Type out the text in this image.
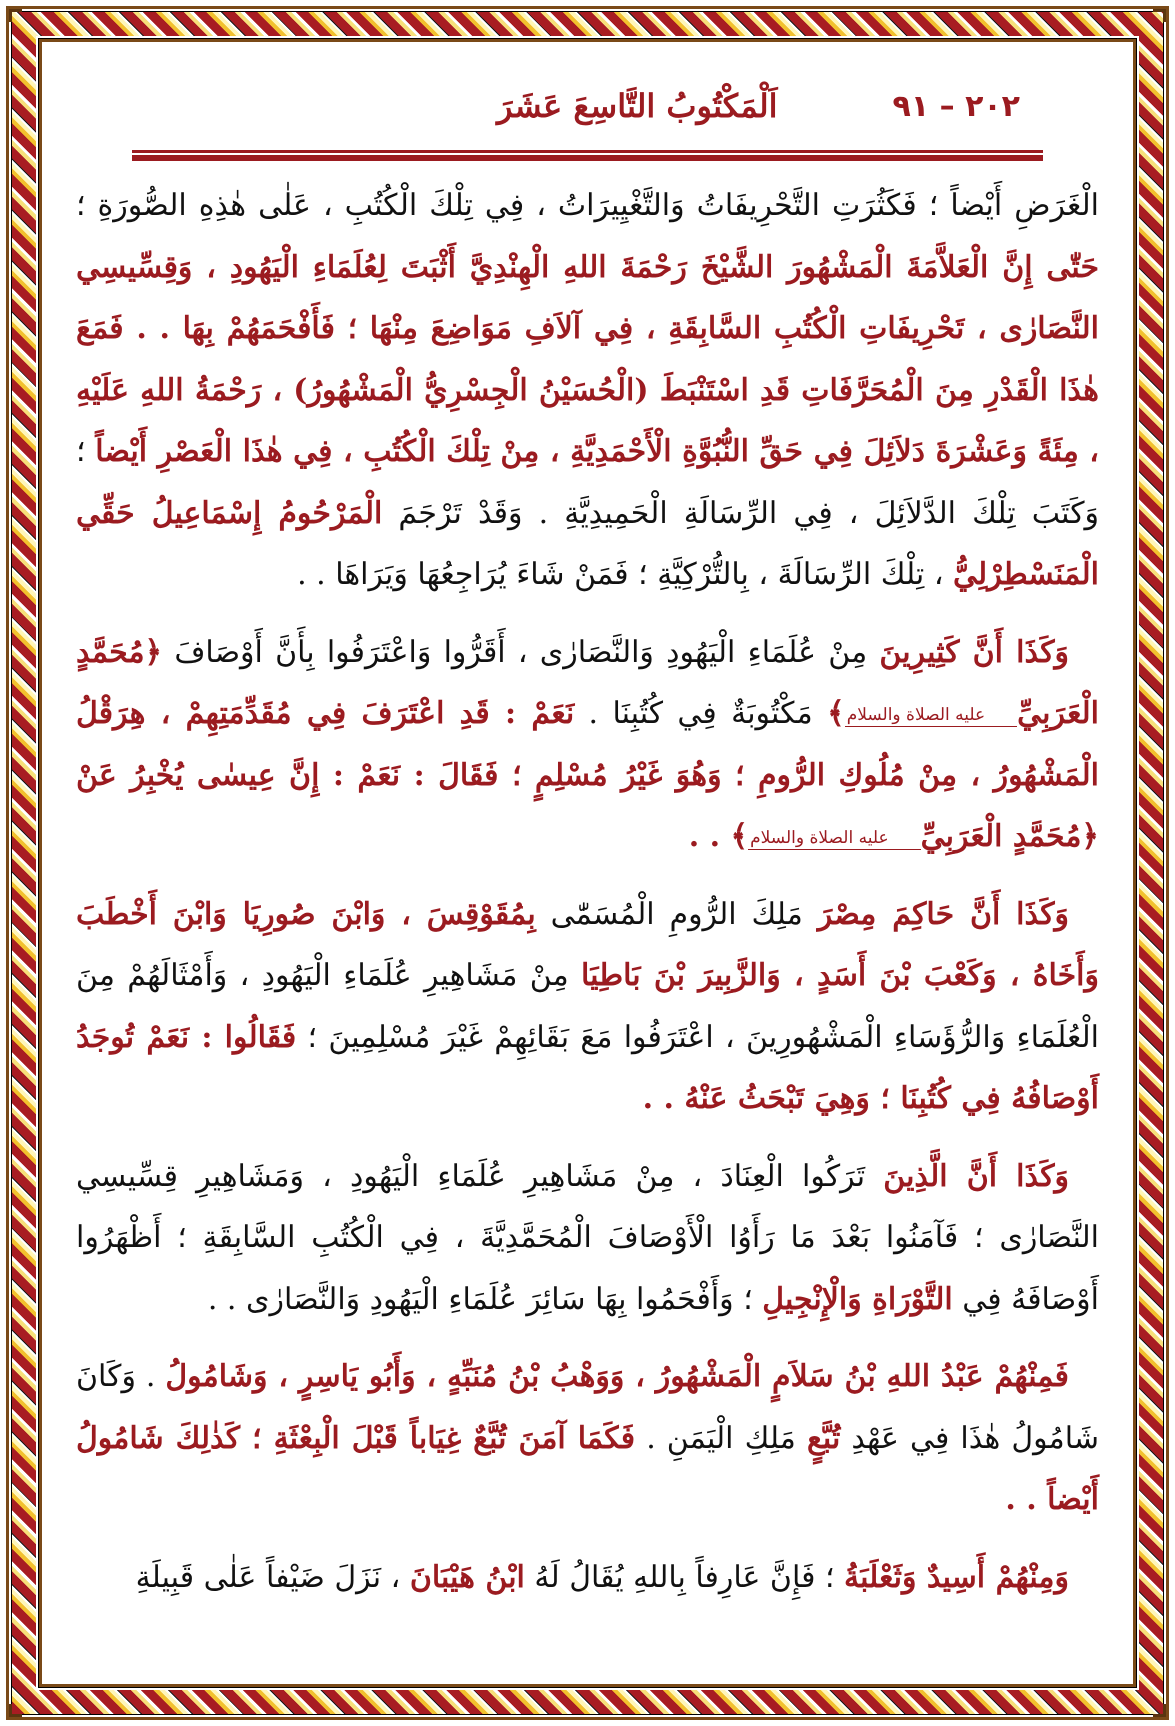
٢٠٢ – ٩١
اَلْمَكْتُوبُ التَّاسِعَ عَشَرَ

الْغَرَضِ أَيْضاً ؛ فَكَثُرَتِ التَّحْرِيفَاتُ وَالتَّغْيِيرَاتُ ، فِي تِلْكَ الْكُتُبِ ، عَلٰى هٰذِهِ الصُّورَةِ ؛ حَتّٰى إِنَّ الْعَلاَّمَةَ الْمَشْهُورَ الشَّيْخَ رَحْمَةَ اللهِ الْهِنْدِيَّ أَثْبَتَ لِعُلَمَاءِ الْيَهُودِ ، وَقِسِّيسِي النَّصَارٰى ، تَحْرِيفَاتِ الْكُتُبِ السَّابِقَةِ ، فِي آلاَفِ مَوَاضِعَ مِنْهَا ؛ فَأَفْحَمَهُمْ بِهَا . . فَمَعَ هٰذَا الْقَدْرِ مِنَ الْمُحَرَّفَاتِ قَدِ اسْتَنْبَطَ (الْحُسَيْنُ الْجِسْرِيُّ الْمَشْهُورُ) ، رَحْمَةُ اللهِ عَلَيْهِ ، مِئَةً وَعَشْرَةَ دَلاَئِلَ فِي حَقِّ النُّبُوَّةِ الْأَحْمَدِيَّةِ ، مِنْ تِلْكَ الْكُتُبِ ، فِي هٰذَا الْعَصْرِ أَيْضاً ؛ وَكَتَبَ تِلْكَ الدَّلاَئِلَ ، فِي الرِّسَالَةِ الْحَمِيدِيَّةِ . وَقَدْ تَرْجَمَ الْمَرْحُومُ إِسْمَاعِيلُ حَقِّي الْمَنَسْطِرْلِيُّ ، تِلْكَ الرِّسَالَةَ ، بِالتُّرْكِيَّةِ ؛ فَمَنْ شَاءَ يُرَاجِعُهَا وَيَرَاهَا . .

وَكَذَا أَنَّ كَثِيرِينَ مِنْ عُلَمَاءِ الْيَهُودِ وَالنَّصَارٰى ، أَقَرُّوا وَاعْتَرَفُوا بِأَنَّ أَوْصَافَ ﴿مُحَمَّدٍ الْعَرَبِيِّعليه الصلاة والسلام﴾ مَكْتُوبَةٌ فِي كُتُبِنَا . نَعَمْ : قَدِ اعْتَرَفَ فِي مُقَدِّمَتِهِمْ ، هِرَقْلُ الْمَشْهُورُ ، مِنْ مُلُوكِ الرُّومِ ؛ وَهُوَ غَيْرُ مُسْلِمٍ ؛ فَقَالَ : نَعَمْ : إِنَّ عِيسٰى يُخْبِرُ عَنْ ﴿مُحَمَّدٍ الْعَرَبِيِّعليه الصلاة والسلام﴾ . .

وَكَذَا أَنَّ حَاكِمَ مِصْرَ مَلِكَ الرُّومِ الْمُسَمّٰى بِمُقَوْقِسَ ، وَابْنَ صُورِيَا وَابْنَ أَخْطَبَ وَأَخَاهُ ، وَكَعْبَ بْنَ أَسَدٍ ، وَالزَّبِيرَ بْنَ بَاطِيَا مِنْ مَشَاهِيرِ عُلَمَاءِ الْيَهُودِ ، وَأَمْثَالَهُمْ مِنَ الْعُلَمَاءِ وَالرُّؤَسَاءِ الْمَشْهُورِينَ ، اعْتَرَفُوا مَعَ بَقَائِهِمْ غَيْرَ مُسْلِمِينَ ؛ فَقَالُوا : نَعَمْ تُوجَدُ أَوْصَافُهُ فِي كُتُبِنَا ؛ وَهِيَ تَبْحَثُ عَنْهُ . .

وَكَذَا أَنَّ الَّذِينَ تَرَكُوا الْعِنَادَ ، مِنْ مَشَاهِيرِ عُلَمَاءِ الْيَهُودِ ، وَمَشَاهِيرِ قِسِّيسِي النَّصَارٰى ؛ فَآمَنُوا بَعْدَ مَا رَأَوُا الْأَوْصَافَ الْمُحَمَّدِيَّةَ ، فِي الْكُتُبِ السَّابِقَةِ ؛ أَظْهَرُوا أَوْصَافَهُ فِي التَّوْرَاةِ وَالْإِنْجِيلِ ؛ وَأَفْحَمُوا بِهَا سَائِرَ عُلَمَاءِ الْيَهُودِ وَالنَّصَارٰى . .

فَمِنْهُمْ عَبْدُ اللهِ بْنُ سَلاَمٍ الْمَشْهُورُ ، وَوَهْبُ بْنُ مُنَبِّهٍ ، وَأَبُو يَاسِرٍ ، وَشَامُولُ . وَكَانَ شَامُولُ هٰذَا فِي عَهْدِ تُبَّعٍ مَلِكِ الْيَمَنِ . فَكَمَا آمَنَ تُبَّعٌ غِيَاباً قَبْلَ الْبِعْثَةِ ؛ كَذٰلِكَ شَامُولُ أَيْضاً . .

وَمِنْهُمْ أَسِيدٌ وَثَعْلَبَةُ ؛ فَإِنَّ عَارِفاً بِاللهِ يُقَالُ لَهُ ابْنُ هَيْبَانَ ، نَزَلَ ضَيْفاً عَلٰى قَبِيلَةِ
